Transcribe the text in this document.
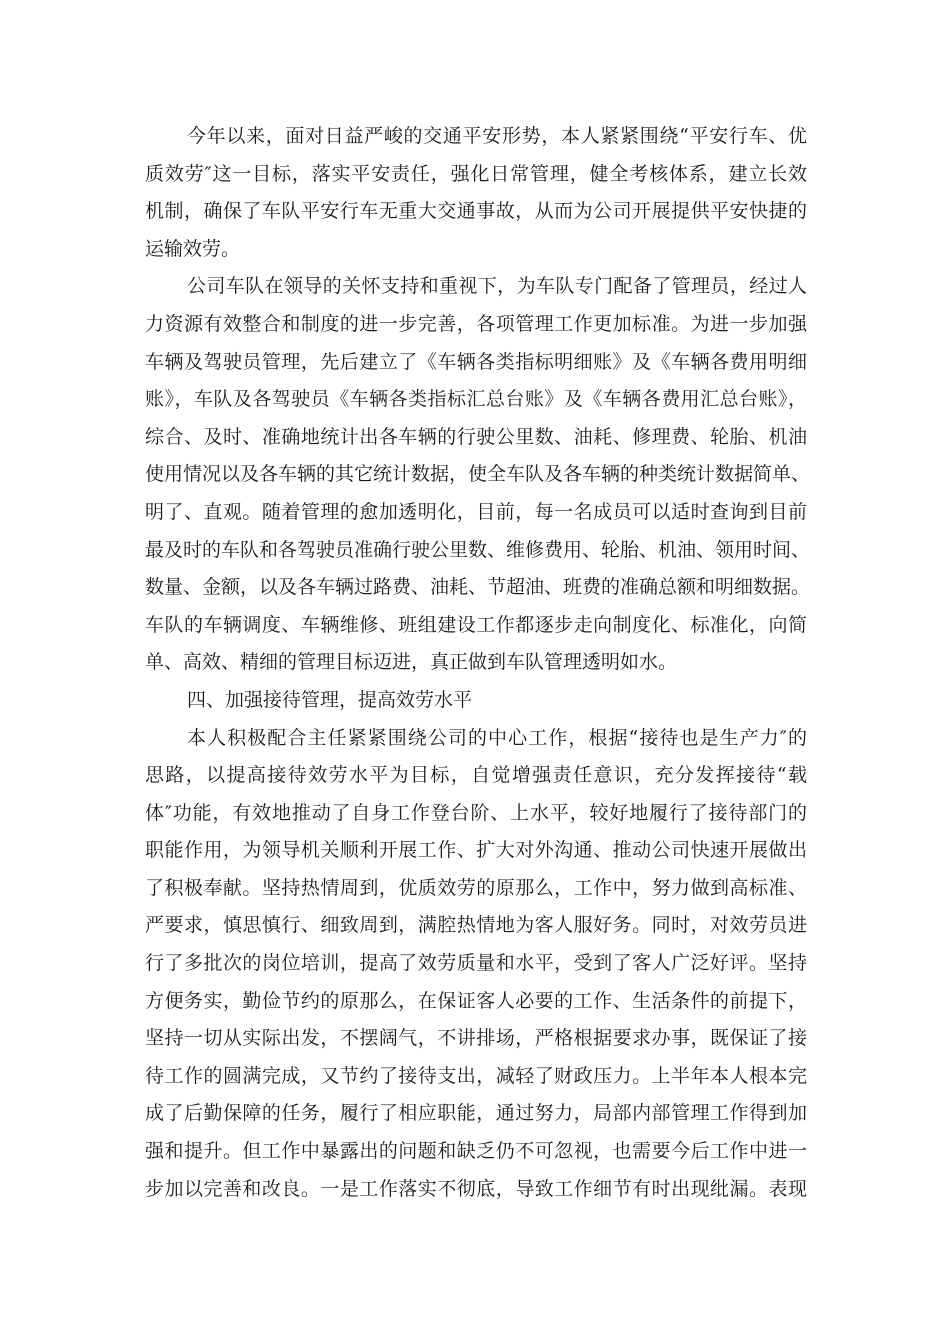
今年以来，面对日益严峻的交通平安形势，本人紧紧围绕“平安行车、优
质效劳″这一目标，落实平安责任，强化日常管理，健全考核体系，建立长效
机制，确保了车队平安行车无重大交通事故，从而为公司开展提供平安快捷的
运输效劳。
公司车队在领导的关怀支持和重视下，为车队专门配备了管理员，经过人
力资源有效整合和制度的进一步完善，各项管理工作更加标准。为进一步加强
车辆及驾驶员管理，先后建立了《车辆各类指标明细账》及《车辆各费用明细
账》，车队及各驾驶员《车辆各类指标汇总台账》及《车辆各费用汇总台账》，
综合、及时、准确地统计出各车辆的行驶公里数、油耗、修理费、轮胎、机油
使用情况以及各车辆的其它统计数据，使全车队及各车辆的种类统计数据简单、
明了、直观。随着管理的愈加透明化，目前，每一名成员可以适时查询到目前
最及时的车队和各驾驶员准确行驶公里数、维修费用、轮胎、机油、领用时间、
数量、金额，以及各车辆过路费、油耗、节超油、班费的准确总额和明细数据。
车队的车辆调度、车辆维修、班组建设工作都逐步走向制度化、标准化，向简
单、高效、精细的管理目标迈进，真正做到车队管理透明如水。
四、加强接待管理，提高效劳水平
本人积极配合主任紧紧围绕公司的中心工作，根据“接待也是生产力″的
思路，以提高接待效劳水平为目标，自觉增强责任意识，充分发挥接待“载
体″功能，有效地推动了自身工作登台阶、上水平，较好地履行了接待部门的
职能作用，为领导机关顺利开展工作、扩大对外沟通、推动公司快速开展做出
了积极奉献。坚持热情周到，优质效劳的原那么，工作中，努力做到高标准、
严要求，慎思慎行、细致周到，满腔热情地为客人服好务。同时，对效劳员进
行了多批次的岗位培训，提高了效劳质量和水平，受到了客人广泛好评。坚持
方便务实，勤俭节约的原那么，在保证客人必要的工作、生活条件的前提下，
坚持一切从实际出发，不摆阔气，不讲排场，严格根据要求办事，既保证了接
待工作的圆满完成，又节约了接待支出，减轻了财政压力。上半年本人根本完
成了后勤保障的任务，履行了相应职能，通过努力，局部内部管理工作得到加
强和提升。但工作中暴露出的问题和缺乏仍不可忽视，也需要今后工作中进一
步加以完善和改良。一是工作落实不彻底，导致工作细节有时出现纰漏。表现
